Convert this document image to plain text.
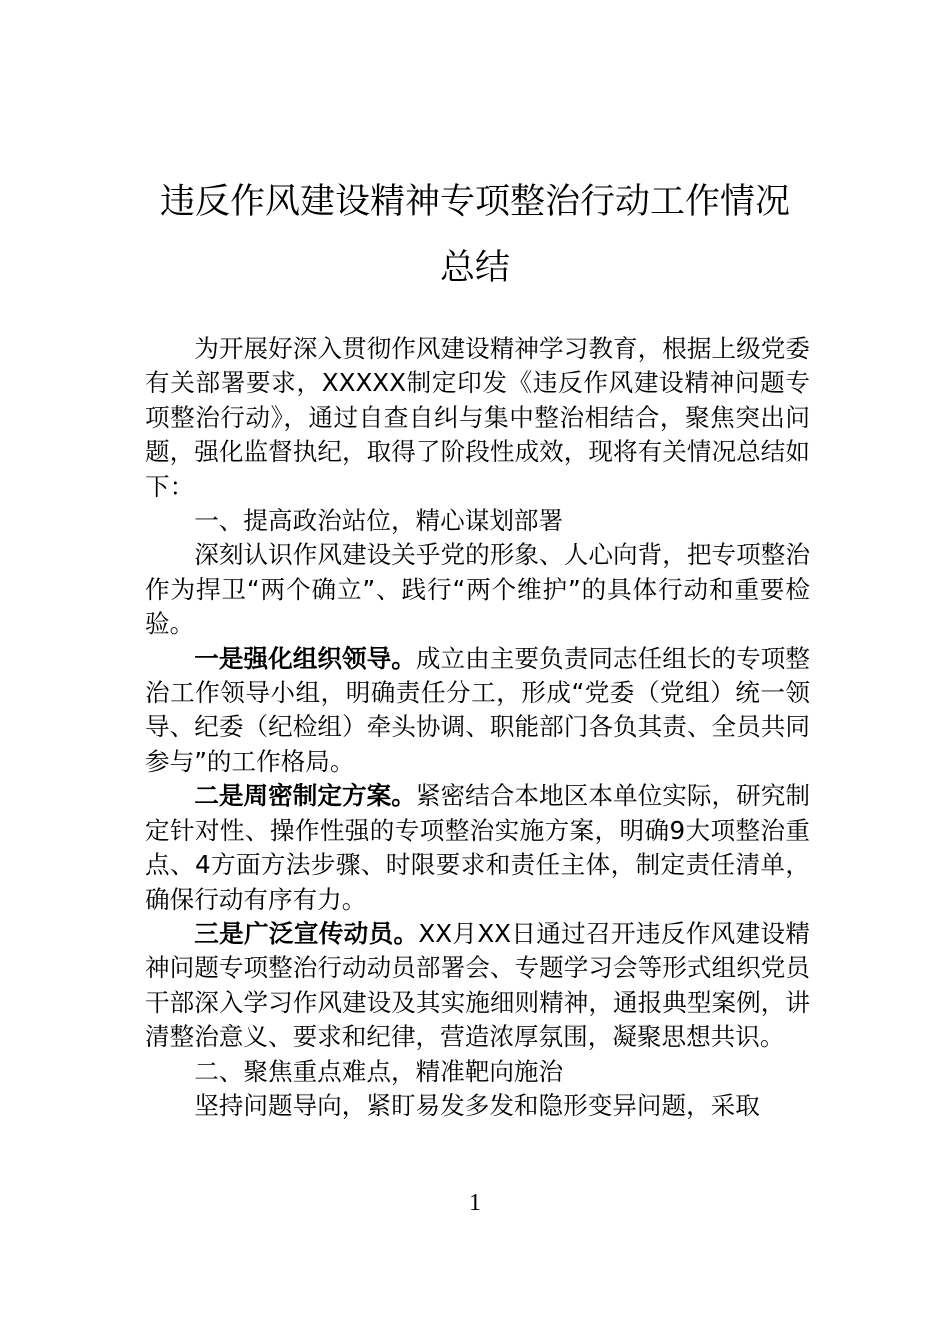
违反作风建设精神专项整治行动工作情况
总结

为开展好深入贯彻作风建设精神学习教育，根据上级党委有关部署要求，XXXXX制定印发《违反作风建设精神问题专项整治行动》，通过自查自纠与集中整治相结合，聚焦突出问题，强化监督执纪，取得了阶段性成效，现将有关情况总结如下：

一、提高政治站位，精心谋划部署

深刻认识作风建设关乎党的形象、人心向背，把专项整治作为捍卫“两个确立”、践行“两个维护”的具体行动和重要检验。

一是强化组织领导。成立由主要负责同志任组长的专项整治工作领导小组，明确责任分工，形成“党委（党组）统一领导、纪委（纪检组）牵头协调、职能部门各负其责、全员共同参与”的工作格局。

二是周密制定方案。紧密结合本地区本单位实际，研究制定针对性、操作性强的专项整治实施方案，明确9大项整治重点、4方面方法步骤、时限要求和责任主体，制定责任清单，确保行动有序有力。

三是广泛宣传动员。XX月XX日通过召开违反作风建设精神问题专项整治行动动员部署会、专题学习会等形式组织党员干部深入学习作风建设及其实施细则精神，通报典型案例，讲清整治意义、要求和纪律，营造浓厚氛围，凝聚思想共识。

二、聚焦重点难点，精准靶向施治

坚持问题导向，紧盯易发多发和隐形变异问题，采取

1
